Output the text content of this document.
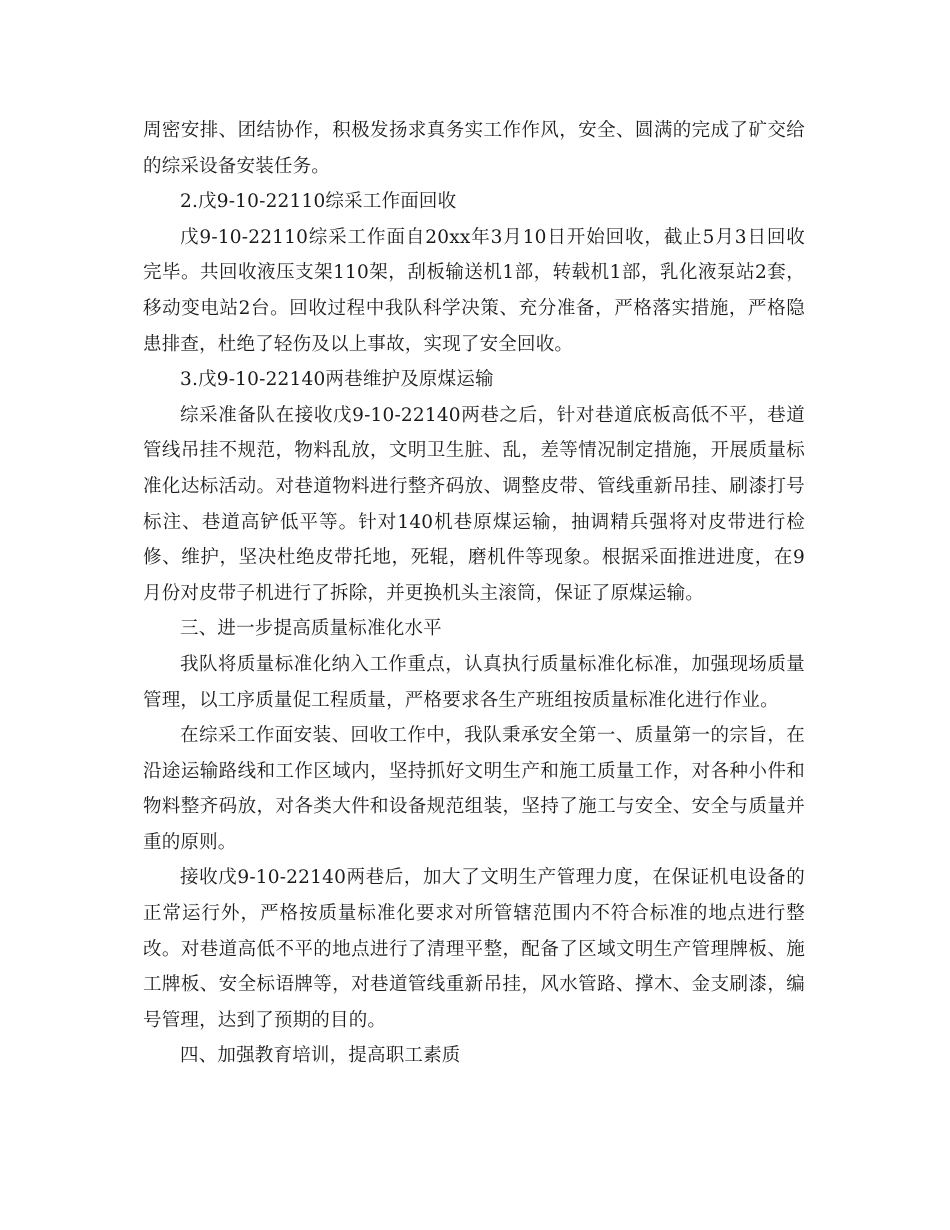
周密安排、团结协作，积极发扬求真务实工作作风，安全、圆满的完成了矿交给的综采设备安装任务。

2.戊9-10-22110综采工作面回收

戊9-10-22110综采工作面自20xx年3月10日开始回收，截止5月3日回收完毕。共回收液压支架110架，刮板输送机1部，转载机1部，乳化液泵站2套，移动变电站2台。回收过程中我队科学决策、充分准备，严格落实措施，严格隐患排查，杜绝了轻伤及以上事故，实现了安全回收。

3.戊9-10-22140两巷维护及原煤运输

综采准备队在接收戊9-10-22140两巷之后，针对巷道底板高低不平，巷道管线吊挂不规范，物料乱放，文明卫生脏、乱，差等情况制定措施，开展质量标准化达标活动。对巷道物料进行整齐码放、调整皮带、管线重新吊挂、刷漆打号标注、巷道高铲低平等。针对140机巷原煤运输，抽调精兵强将对皮带进行检修、维护，坚决杜绝皮带托地，死辊，磨机件等现象。根据采面推进进度，在9月份对皮带子机进行了拆除，并更换机头主滚筒，保证了原煤运输。

三、进一步提高质量标准化水平

我队将质量标准化纳入工作重点，认真执行质量标准化标准，加强现场质量管理，以工序质量促工程质量，严格要求各生产班组按质量标准化进行作业。

在综采工作面安装、回收工作中，我队秉承安全第一、质量第一的宗旨，在沿途运输路线和工作区域内，坚持抓好文明生产和施工质量工作，对各种小件和物料整齐码放，对各类大件和设备规范组装，坚持了施工与安全、安全与质量并重的原则。

接收戊9-10-22140两巷后，加大了文明生产管理力度，在保证机电设备的正常运行外，严格按质量标准化要求对所管辖范围内不符合标准的地点进行整改。对巷道高低不平的地点进行了清理平整，配备了区域文明生产管理牌板、施工牌板、安全标语牌等，对巷道管线重新吊挂，风水管路、撑木、金支刷漆，编号管理，达到了预期的目的。

四、加强教育培训，提高职工素质
